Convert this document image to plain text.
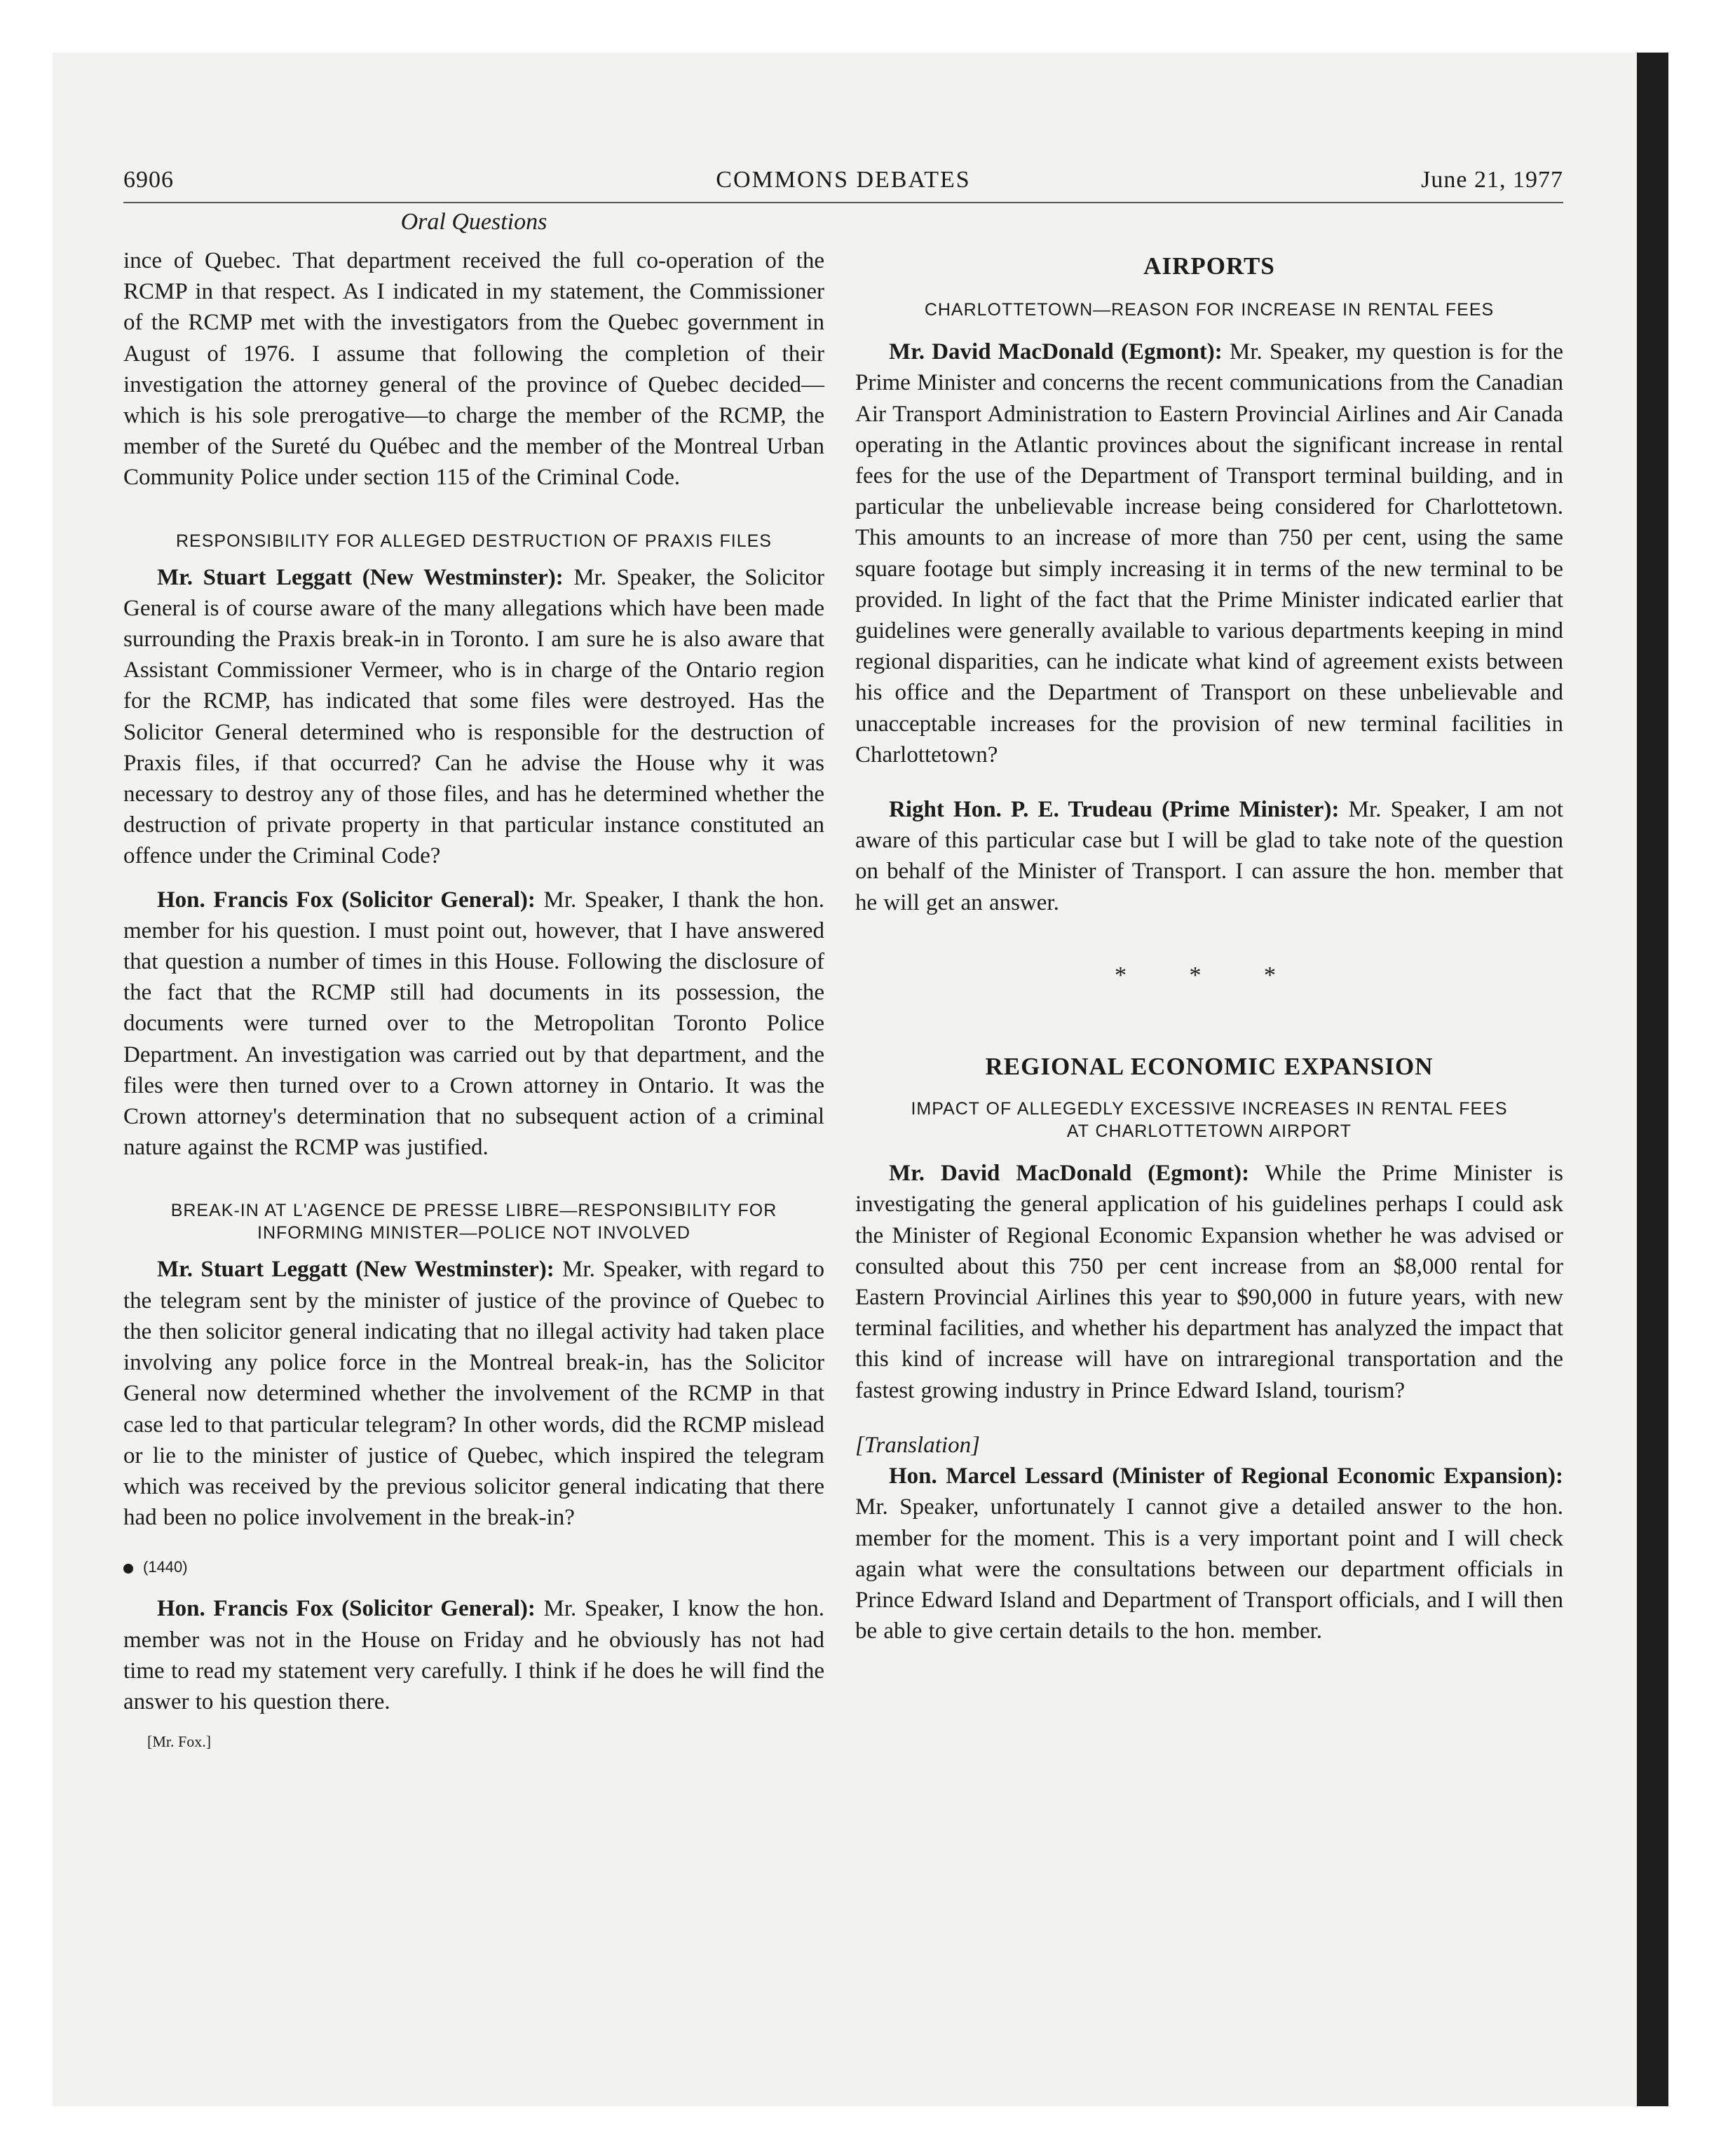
6906	COMMONS DEBATES	June 21, 1977
Oral Questions

ince of Quebec. That department received the full co-operation of the RCMP in that respect. As I indicated in my statement, the Commissioner of the RCMP met with the investigators from the Quebec government in August of 1976. I assume that following the completion of their investigation the attorney general of the province of Quebec decided—which is his sole prerogative—to charge the member of the RCMP, the member of the Sureté du Québec and the member of the Montreal Urban Community Police under section 115 of the Criminal Code.

RESPONSIBILITY FOR ALLEGED DESTRUCTION OF PRAXIS FILES

Mr. Stuart Leggatt (New Westminster): Mr. Speaker, the Solicitor General is of course aware of the many allegations which have been made surrounding the Praxis break-in in Toronto. I am sure he is also aware that Assistant Commissioner Vermeer, who is in charge of the Ontario region for the RCMP, has indicated that some files were destroyed. Has the Solicitor General determined who is responsible for the destruction of Praxis files, if that occurred? Can he advise the House why it was necessary to destroy any of those files, and has he determined whether the destruction of private property in that particular instance constituted an offence under the Criminal Code?

Hon. Francis Fox (Solicitor General): Mr. Speaker, I thank the hon. member for his question. I must point out, however, that I have answered that question a number of times in this House. Following the disclosure of the fact that the RCMP still had documents in its possession, the documents were turned over to the Metropolitan Toronto Police Department. An investigation was carried out by that department, and the files were then turned over to a Crown attorney in Ontario. It was the Crown attorney's determination that no subsequent action of a criminal nature against the RCMP was justified.

BREAK-IN AT L'AGENCE DE PRESSE LIBRE—RESPONSIBILITY FOR
INFORMING MINISTER—POLICE NOT INVOLVED

Mr. Stuart Leggatt (New Westminster): Mr. Speaker, with regard to the telegram sent by the minister of justice of the province of Quebec to the then solicitor general indicating that no illegal activity had taken place involving any police force in the Montreal break-in, has the Solicitor General now determined whether the involvement of the RCMP in that case led to that particular telegram? In other words, did the RCMP mislead or lie to the minister of justice of Quebec, which inspired the telegram which was received by the previous solicitor general indicating that there had been no police involvement in the break-in?

(1440)

Hon. Francis Fox (Solicitor General): Mr. Speaker, I know the hon. member was not in the House on Friday and he obviously has not had time to read my statement very carefully. I think if he does he will find the answer to his question there.

[Mr. Fox.]

AIRPORTS

CHARLOTTETOWN—REASON FOR INCREASE IN RENTAL FEES

Mr. David MacDonald (Egmont): Mr. Speaker, my question is for the Prime Minister and concerns the recent communications from the Canadian Air Transport Administration to Eastern Provincial Airlines and Air Canada operating in the Atlantic provinces about the significant increase in rental fees for the use of the Department of Transport terminal building, and in particular the unbelievable increase being considered for Charlottetown. This amounts to an increase of more than 750 per cent, using the same square footage but simply increasing it in terms of the new terminal to be provided. In light of the fact that the Prime Minister indicated earlier that guidelines were generally available to various departments keeping in mind regional disparities, can he indicate what kind of agreement exists between his office and the Department of Transport on these unbelievable and unacceptable increases for the provision of new terminal facilities in Charlottetown?

Right Hon. P. E. Trudeau (Prime Minister): Mr. Speaker, I am not aware of this particular case but I will be glad to take note of the question on behalf of the Minister of Transport. I can assure the hon. member that he will get an answer.

* * *

REGIONAL ECONOMIC EXPANSION

IMPACT OF ALLEGEDLY EXCESSIVE INCREASES IN RENTAL FEES
AT CHARLOTTETOWN AIRPORT

Mr. David MacDonald (Egmont): While the Prime Minister is investigating the general application of his guidelines perhaps I could ask the Minister of Regional Economic Expansion whether he was advised or consulted about this 750 per cent increase from an $8,000 rental for Eastern Provincial Airlines this year to $90,000 in future years, with new terminal facilities, and whether his department has analyzed the impact that this kind of increase will have on intraregional transportation and the fastest growing industry in Prince Edward Island, tourism?

[Translation]

Hon. Marcel Lessard (Minister of Regional Economic Expansion): Mr. Speaker, unfortunately I cannot give a detailed answer to the hon. member for the moment. This is a very important point and I will check again what were the consultations between our department officials in Prince Edward Island and Department of Transport officials, and I will then be able to give certain details to the hon. member.
